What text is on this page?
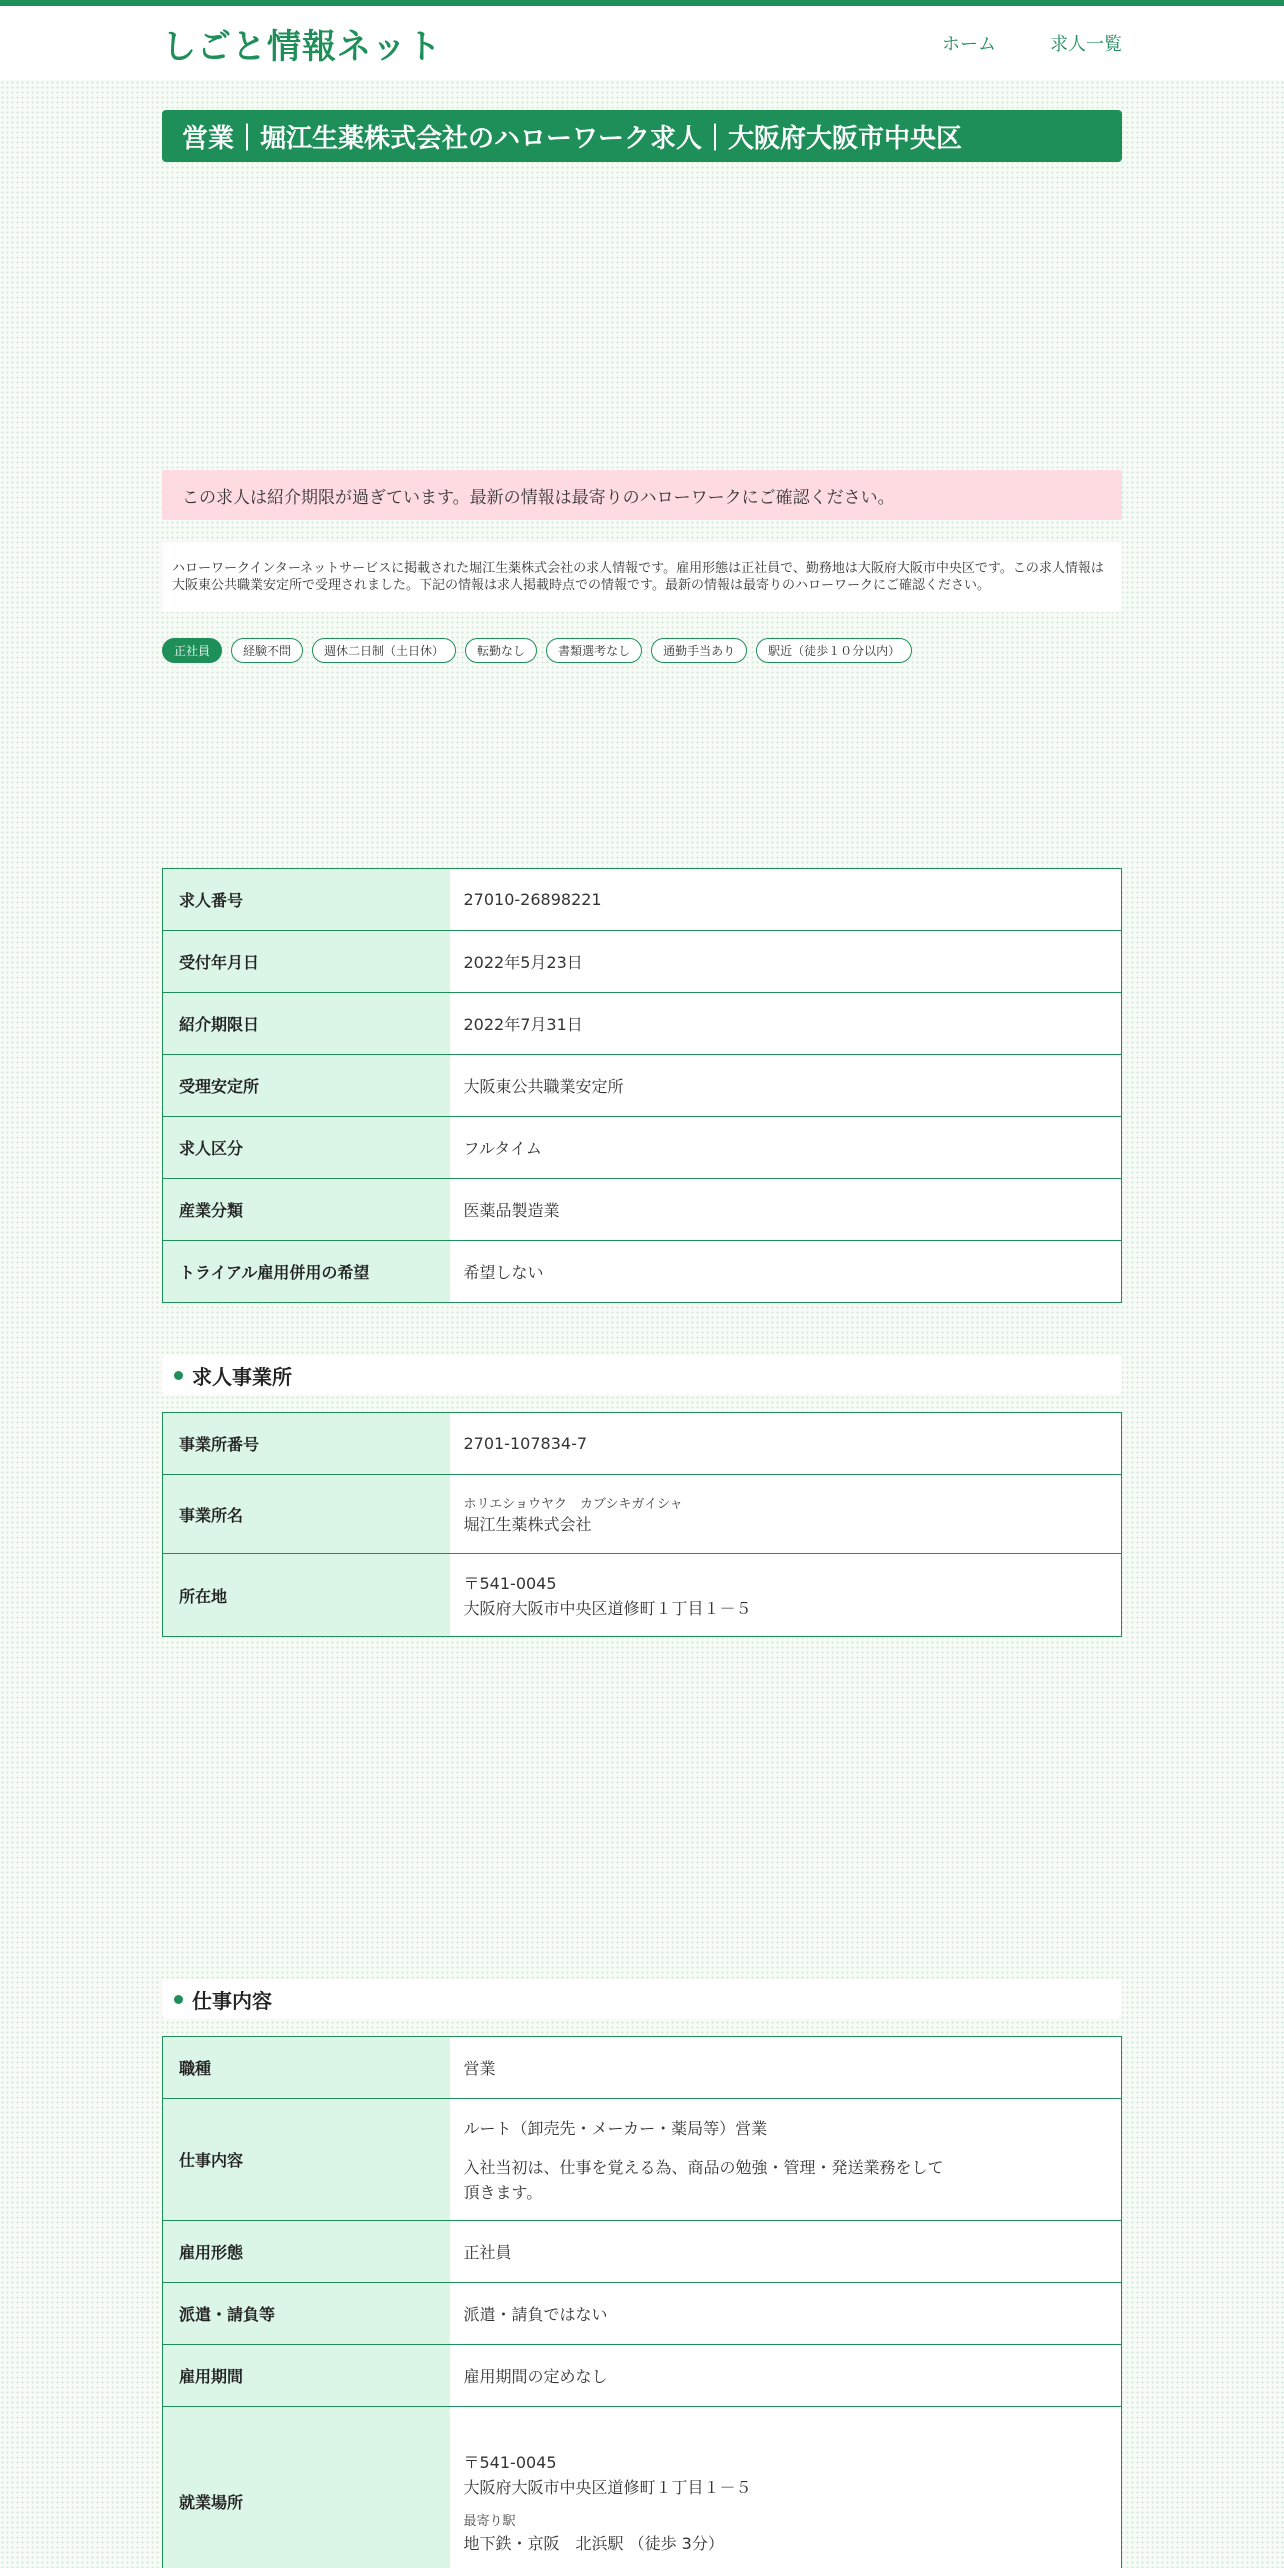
しごと情報ネット	ホーム	求人一覧
営業｜堀江生薬株式会社のハローワーク求人｜大阪府大阪市中央区
この求人は紹介期限が過ぎています。最新の情報は最寄りのハローワークにご確認ください。

ハローワークインターネットサービスに掲載された堀江生薬株式会社の求人情報です。雇用形態は正社員で、勤務地は大阪府大阪市中央区です。この求人情報は大阪東公共職業安定所で受理されました。下記の情報は求人掲載時点での情報です。最新の情報は最寄りのハローワークにご確認ください。

正社員	経験不問	週休二日制（土日休）	転勤なし	書類選考なし	通勤手当あり	駅近（徒歩１０分以内）
求人番号	27010-26898221
受付年月日	2022年5月23日
紹介期限日	2022年7月31日
受理安定所	大阪東公共職業安定所
求人区分	フルタイム
産業分類	医薬品製造業
トライアル雇用併用の希望	希望しない
求人事業所
事業所番号	2701-107834-7
事業所名	ホリエショウヤク　カブシキガイシャ
堀江生薬株式会社
所在地	〒541-0045
大阪府大阪市中央区道修町１丁目１－５
仕事内容
職種	営業
仕事内容	ルート（卸売先・メーカー・薬局等）営業
入社当初は、仕事を覚える為、商品の勉強・管理・発送業務をして
頂きます。

雇用形態	正社員
派遣・請負等	派遣・請負ではない
雇用期間	雇用期間の定めなし
就業場所	〒541-0045
大阪府大阪市中央区道修町１丁目１－５
最寄り駅
地下鉄・京阪　北浜駅 （徒歩 3分）
